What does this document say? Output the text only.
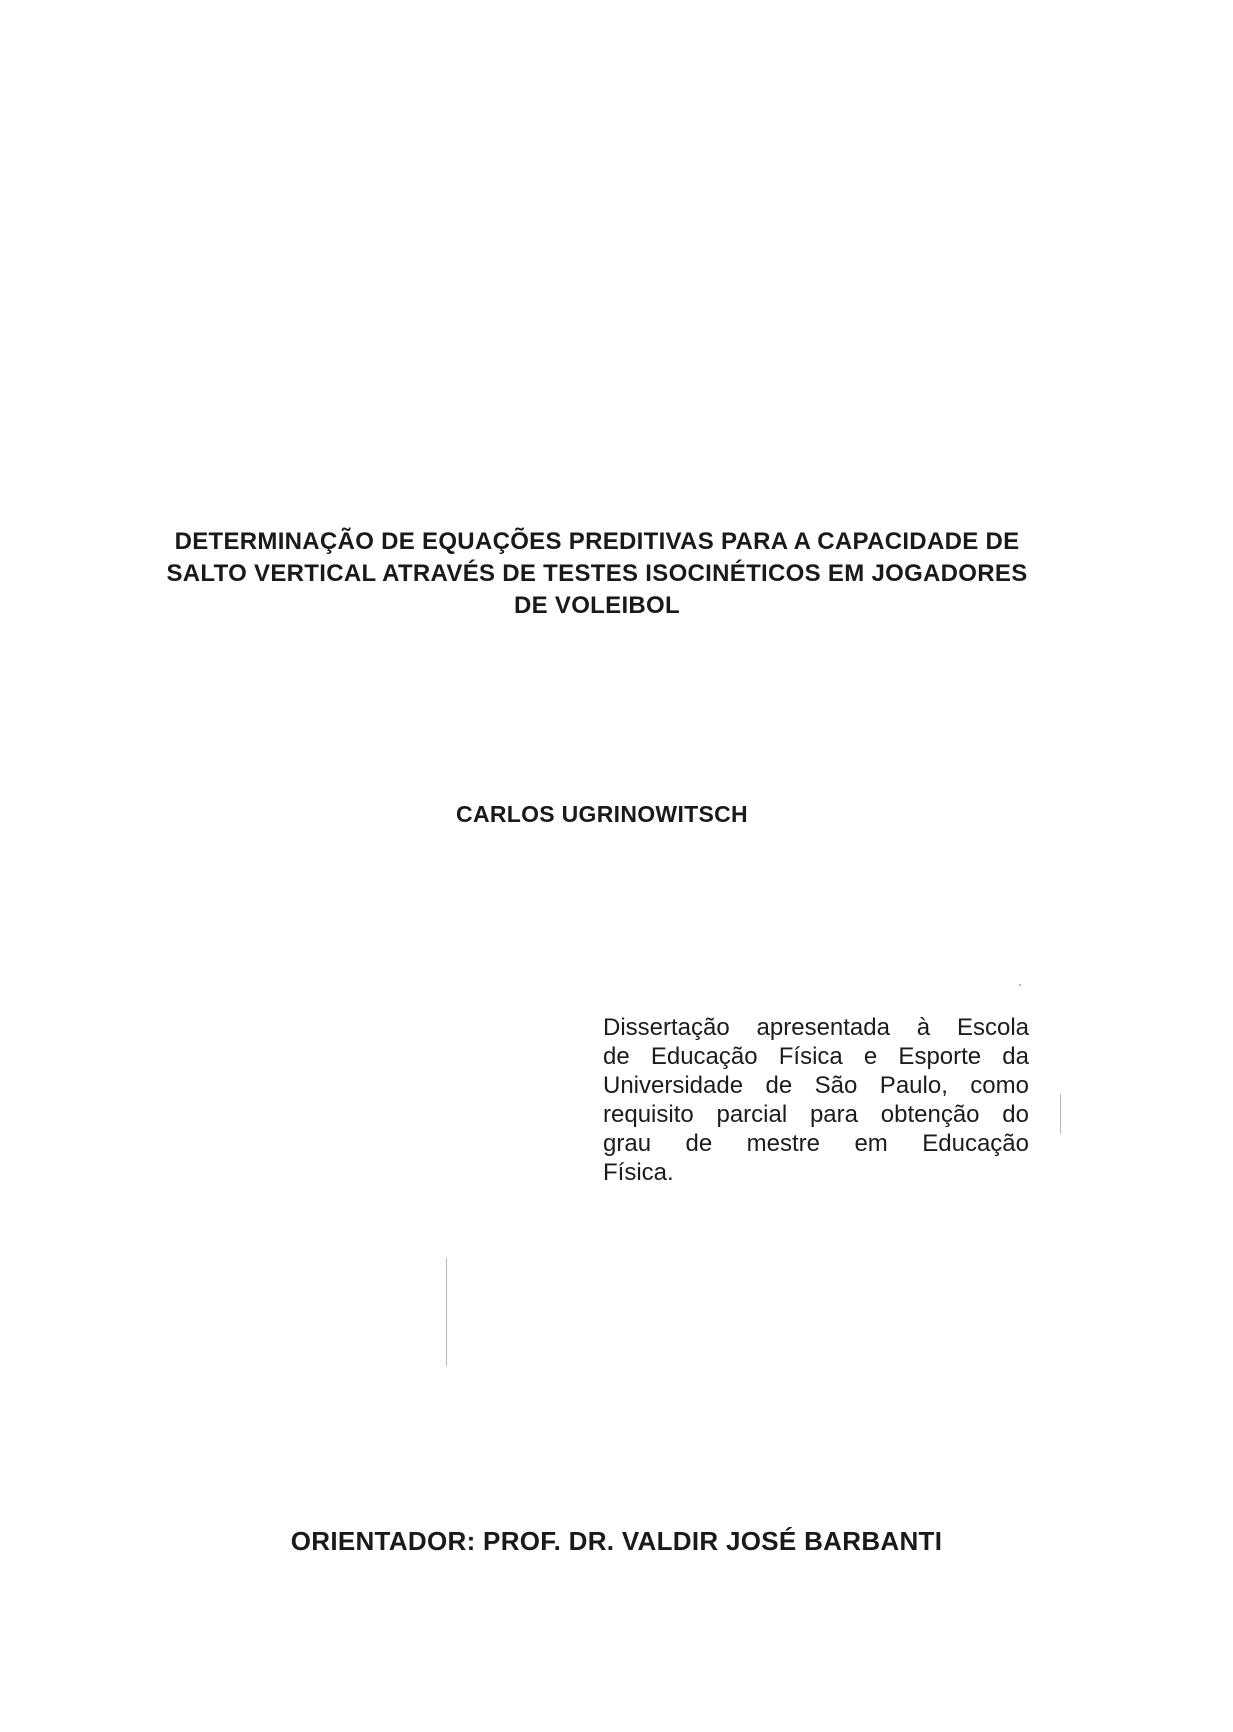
DETERMINAÇÃO DE EQUAÇÕES PREDITIVAS PARA A CAPACIDADE DE
SALTO VERTICAL ATRAVÉS DE TESTES ISOCINÉTICOS EM JOGADORES
DE VOLEIBOL
CARLOS UGRINOWITSCH
Dissertação apresentada à Escola
de Educação Física e Esporte da
Universidade de São Paulo, como
requisito parcial para obtenção do
grau de mestre em Educação
Física.
ORIENTADOR: PROF. DR. VALDIR JOSÉ BARBANTI
